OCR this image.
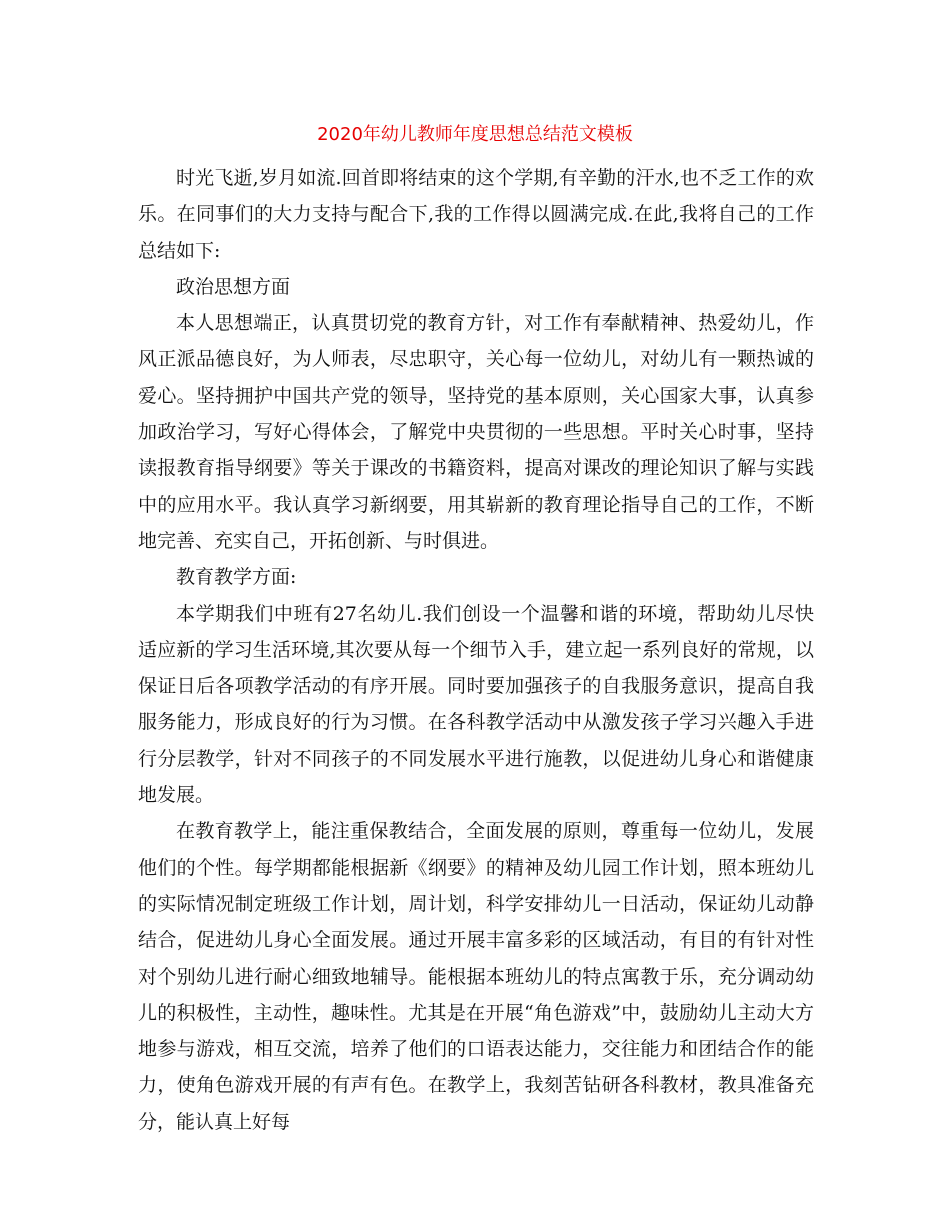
2020年幼儿教师年度思想总结范文模板

时光飞逝,岁月如流.回首即将结束的这个学期,有辛勤的汗水,也不乏工作的欢乐。在同事们的大力支持与配合下,我的工作得以圆满完成.在此,我将自己的工作总结如下:

政治思想方面

本人思想端正，认真贯切党的教育方针，对工作有奉献精神、热爱幼儿，作风正派品德良好，为人师表，尽忠职守，关心每一位幼儿，对幼儿有一颗热诚的爱心。坚持拥护中国共产党的领导，坚持党的基本原则，关心国家大事，认真参加政治学习，写好心得体会，了解党中央贯彻的一些思想。平时关心时事，坚持读报教育指导纲要》等关于课改的书籍资料，提高对课改的理论知识了解与实践中的应用水平。我认真学习新纲要，用其崭新的教育理论指导自己的工作，不断地完善、充实自己，开拓创新、与时俱进。

教育教学方面:

本学期我们中班有27名幼儿.我们创设一个温馨和谐的环境，帮助幼儿尽快适应新的学习生活环境,其次要从每一个细节入手，建立起一系列良好的常规，以保证日后各项教学活动的有序开展。同时要加强孩子的自我服务意识，提高自我服务能力，形成良好的行为习惯。在各科教学活动中从激发孩子学习兴趣入手进行分层教学，针对不同孩子的不同发展水平进行施教，以促进幼儿身心和谐健康地发展。

在教育教学上，能注重保教结合，全面发展的原则，尊重每一位幼儿，发展他们的个性。每学期都能根据新《纲要》的精神及幼儿园工作计划，照本班幼儿的实际情况制定班级工作计划，周计划，科学安排幼儿一日活动，保证幼儿动静结合，促进幼儿身心全面发展。通过开展丰富多彩的区域活动，有目的有针对性对个别幼儿进行耐心细致地辅导。能根据本班幼儿的特点寓教于乐，充分调动幼儿的积极性，主动性，趣味性。尤其是在开展“角色游戏”中，鼓励幼儿主动大方地参与游戏，相互交流，培养了他们的口语表达能力，交往能力和团结合作的能力，使角色游戏开展的有声有色。在教学上，我刻苦钻研各科教材，教具准备充分，能认真上好每
